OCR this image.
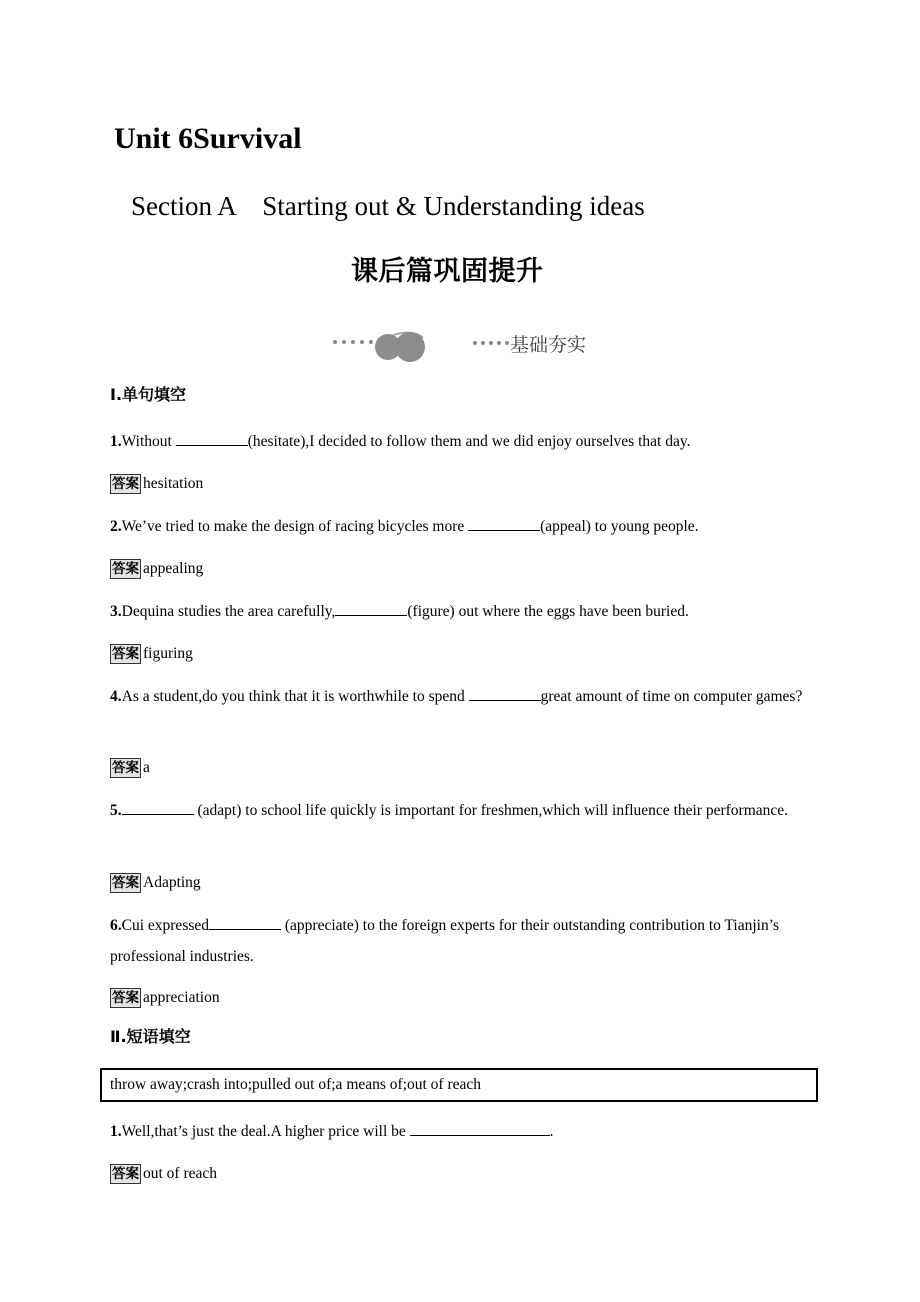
Unit 6Survival
Section A　Starting out & Understanding ideas
课后篇巩固提升
基础夯实
Ⅰ.单句填空
1.Without	(hesitate),I decided to follow them and we did enjoy ourselves that day.
答案 hesitation
2.We’ve tried to make the design of racing bicycles more	(appeal) to young people.
答案 appealing
3.Dequina studies the area carefully,	(figure) out where the eggs have been buried.
答案 figuring
4.As a student,do you think that it is worthwhile to spend	great amount of time on computer games?
答案 a
5.	(adapt) to school life quickly is important for freshmen,which will influence their performance.
答案 Adapting
6.Cui expressed	(appreciate) to the foreign experts for their outstanding contribution to Tianjin’s professional industries.
答案 appreciation
Ⅱ.短语填空
throw away;crash into;pulled out of;a means of;out of reach
1.Well,that’s just the deal.A higher price will be	.
答案 out of reach
